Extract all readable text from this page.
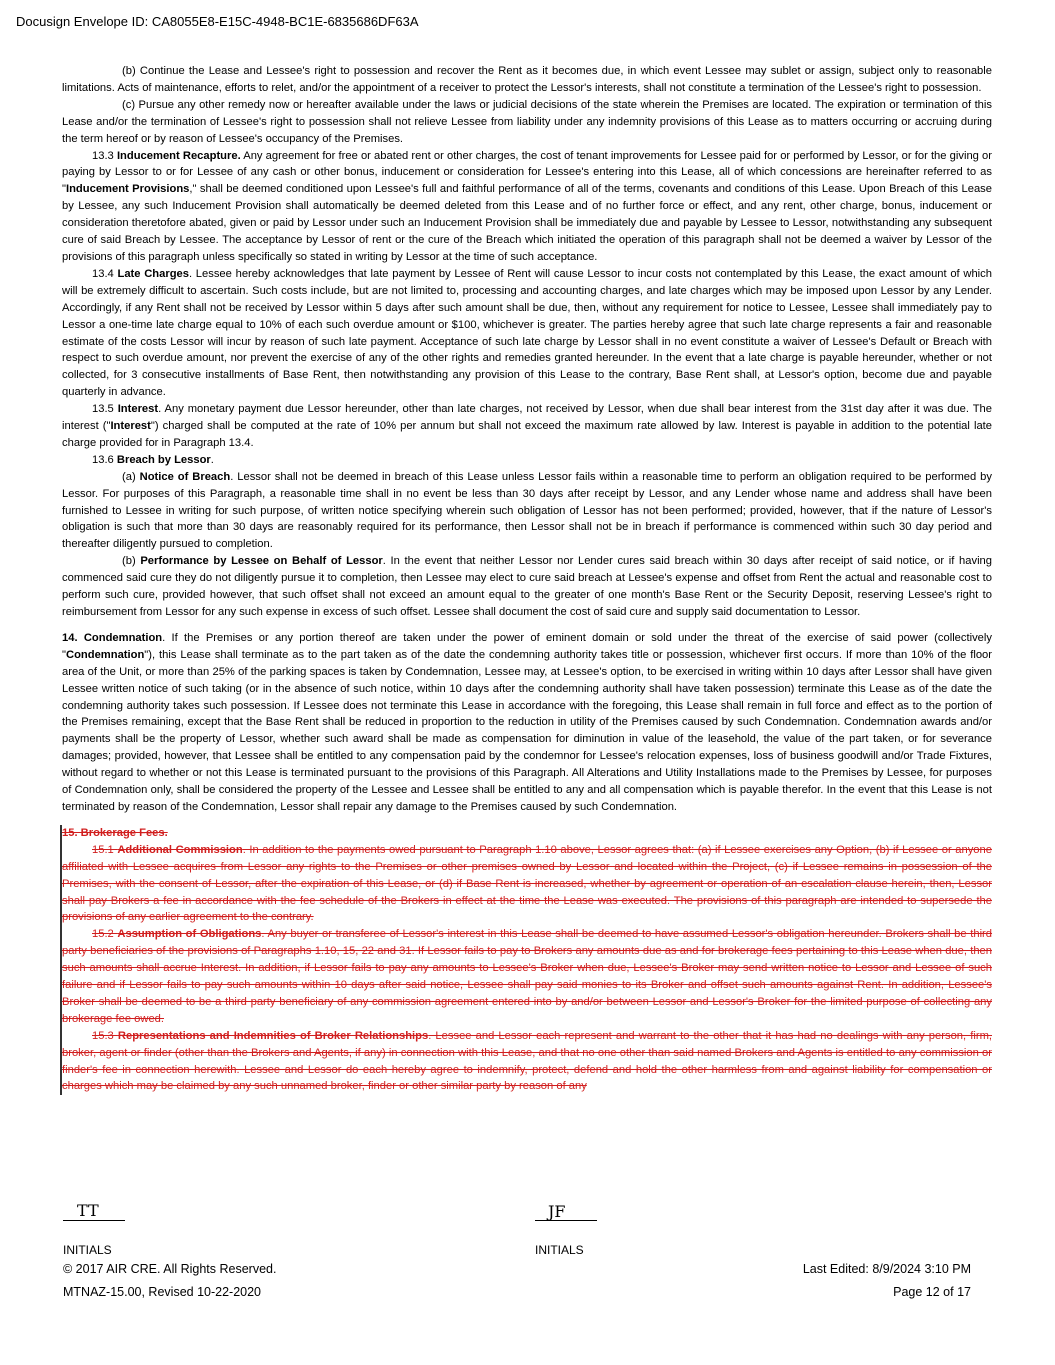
Docusign Envelope ID: CA8055E8-E15C-4948-BC1E-6835686DF63A

(b) Continue the Lease and Lessee's right to possession and recover the Rent as it becomes due, in which event Lessee may sublet or assign, subject only to reasonable limitations. Acts of maintenance, efforts to relet, and/or the appointment of a receiver to protect the Lessor's interests, shall not constitute a termination of the Lessee's right to possession.

(c) Pursue any other remedy now or hereafter available under the laws or judicial decisions of the state wherein the Premises are located. The expiration or termination of this Lease and/or the termination of Lessee's right to possession shall not relieve Lessee from liability under any indemnity provisions of this Lease as to matters occurring or accruing during the term hereof or by reason of Lessee's occupancy of the Premises.

13.3 Inducement Recapture. Any agreement for free or abated rent or other charges, the cost of tenant improvements for Lessee paid for or performed by Lessor, or for the giving or paying by Lessor to or for Lessee of any cash or other bonus, inducement or consideration for Lessee's entering into this Lease, all of which concessions are hereinafter referred to as "Inducement Provisions," shall be deemed conditioned upon Lessee's full and faithful performance of all of the terms, covenants and conditions of this Lease. Upon Breach of this Lease by Lessee, any such Inducement Provision shall automatically be deemed deleted from this Lease and of no further force or effect, and any rent, other charge, bonus, inducement or consideration theretofore abated, given or paid by Lessor under such an Inducement Provision shall be immediately due and payable by Lessee to Lessor, notwithstanding any subsequent cure of said Breach by Lessee. The acceptance by Lessor of rent or the cure of the Breach which initiated the operation of this paragraph shall not be deemed a waiver by Lessor of the provisions of this paragraph unless specifically so stated in writing by Lessor at the time of such acceptance.

13.4 Late Charges. Lessee hereby acknowledges that late payment by Lessee of Rent will cause Lessor to incur costs not contemplated by this Lease, the exact amount of which will be extremely difficult to ascertain. Such costs include, but are not limited to, processing and accounting charges, and late charges which may be imposed upon Lessor by any Lender. Accordingly, if any Rent shall not be received by Lessor within 5 days after such amount shall be due, then, without any requirement for notice to Lessee, Lessee shall immediately pay to Lessor a one-time late charge equal to 10% of each such overdue amount or $100, whichever is greater. The parties hereby agree that such late charge represents a fair and reasonable estimate of the costs Lessor will incur by reason of such late payment. Acceptance of such late charge by Lessor shall in no event constitute a waiver of Lessee's Default or Breach with respect to such overdue amount, nor prevent the exercise of any of the other rights and remedies granted hereunder. In the event that a late charge is payable hereunder, whether or not collected, for 3 consecutive installments of Base Rent, then notwithstanding any provision of this Lease to the contrary, Base Rent shall, at Lessor's option, become due and payable quarterly in advance.

13.5 Interest. Any monetary payment due Lessor hereunder, other than late charges, not received by Lessor, when due shall bear interest from the 31st day after it was due. The interest ("Interest") charged shall be computed at the rate of 10% per annum but shall not exceed the maximum rate allowed by law. Interest is payable in addition to the potential late charge provided for in Paragraph 13.4.

13.6 Breach by Lessor.

(a) Notice of Breach. Lessor shall not be deemed in breach of this Lease unless Lessor fails within a reasonable time to perform an obligation required to be performed by Lessor. For purposes of this Paragraph, a reasonable time shall in no event be less than 30 days after receipt by Lessor, and any Lender whose name and address shall have been furnished to Lessee in writing for such purpose, of written notice specifying wherein such obligation of Lessor has not been performed; provided, however, that if the nature of Lessor's obligation is such that more than 30 days are reasonably required for its performance, then Lessor shall not be in breach if performance is commenced within such 30 day period and thereafter diligently pursued to completion.

(b) Performance by Lessee on Behalf of Lessor. In the event that neither Lessor nor Lender cures said breach within 30 days after receipt of said notice, or if having commenced said cure they do not diligently pursue it to completion, then Lessee may elect to cure said breach at Lessee's expense and offset from Rent the actual and reasonable cost to perform such cure, provided however, that such offset shall not exceed an amount equal to the greater of one month's Base Rent or the Security Deposit, reserving Lessee's right to reimbursement from Lessor for any such expense in excess of such offset. Lessee shall document the cost of said cure and supply said documentation to Lessor.

14. Condemnation. If the Premises or any portion thereof are taken under the power of eminent domain or sold under the threat of the exercise of said power (collectively "Condemnation"), this Lease shall terminate as to the part taken as of the date the condemning authority takes title or possession, whichever first occurs. If more than 10% of the floor area of the Unit, or more than 25% of the parking spaces is taken by Condemnation, Lessee may, at Lessee's option, to be exercised in writing within 10 days after Lessor shall have given Lessee written notice of such taking (or in the absence of such notice, within 10 days after the condemning authority shall have taken possession) terminate this Lease as of the date the condemning authority takes such possession. If Lessee does not terminate this Lease in accordance with the foregoing, this Lease shall remain in full force and effect as to the portion of the Premises remaining, except that the Base Rent shall be reduced in proportion to the reduction in utility of the Premises caused by such Condemnation. Condemnation awards and/or payments shall be the property of Lessor, whether such award shall be made as compensation for diminution in value of the leasehold, the value of the part taken, or for severance damages; provided, however, that Lessee shall be entitled to any compensation paid by the condemnor for Lessee's relocation expenses, loss of business goodwill and/or Trade Fixtures, without regard to whether or not this Lease is terminated pursuant to the provisions of this Paragraph. All Alterations and Utility Installations made to the Premises by Lessee, for purposes of Condemnation only, shall be considered the property of the Lessee and Lessee shall be entitled to any and all compensation which is payable therefor. In the event that this Lease is not terminated by reason of the Condemnation, Lessor shall repair any damage to the Premises caused by such Condemnation.

15. Brokerage Fees.

15.1 Additional Commission. In addition to the payments owed pursuant to Paragraph 1.10 above, Lessor agrees that: (a) if Lessee exercises any Option, (b) if Lessee or anyone affiliated with Lessee acquires from Lessor any rights to the Premises or other premises owned by Lessor and located within the Project, (c) if Lessee remains in possession of the Premises, with the consent of Lessor, after the expiration of this Lease, or (d) if Base Rent is increased, whether by agreement or operation of an escalation clause herein, then, Lessor shall pay Brokers a fee in accordance with the fee schedule of the Brokers in effect at the time the Lease was executed. The provisions of this paragraph are intended to supersede the provisions of any earlier agreement to the contrary.

15.2 Assumption of Obligations. Any buyer or transferee of Lessor's interest in this Lease shall be deemed to have assumed Lessor's obligation hereunder. Brokers shall be third party beneficiaries of the provisions of Paragraphs 1.10, 15, 22 and 31. If Lessor fails to pay to Brokers any amounts due as and for brokerage fees pertaining to this Lease when due, then such amounts shall accrue Interest. In addition, if Lessor fails to pay any amounts to Lessee's Broker when due, Lessee's Broker may send written notice to Lessor and Lessee of such failure and if Lessor fails to pay such amounts within 10 days after said notice, Lessee shall pay said monies to its Broker and offset such amounts against Rent. In addition, Lessee's Broker shall be deemed to be a third party beneficiary of any commission agreement entered into by and/or between Lessor and Lessor's Broker for the limited purpose of collecting any brokerage fee owed.

15.3 Representations and Indemnities of Broker Relationships. Lessee and Lessor each represent and warrant to the other that it has had no dealings with any person, firm, broker, agent or finder (other than the Brokers and Agents, if any) in connection with this Lease, and that no one other than said named Brokers and Agents is entitled to any commission or finder's fee in connection herewith. Lessee and Lessor do each hereby agree to indemnify, protect, defend and hold the other harmless from and against liability for compensation or charges which may be claimed by any such unnamed broker, finder or other similar party by reason of any

TT
INITIALS
JF
INITIALS
© 2017 AIR CRE. All Rights Reserved.
MTNAZ-15.00, Revised 10-22-2020
Last Edited: 8/9/2024 3:10 PM
Page 12 of 17
